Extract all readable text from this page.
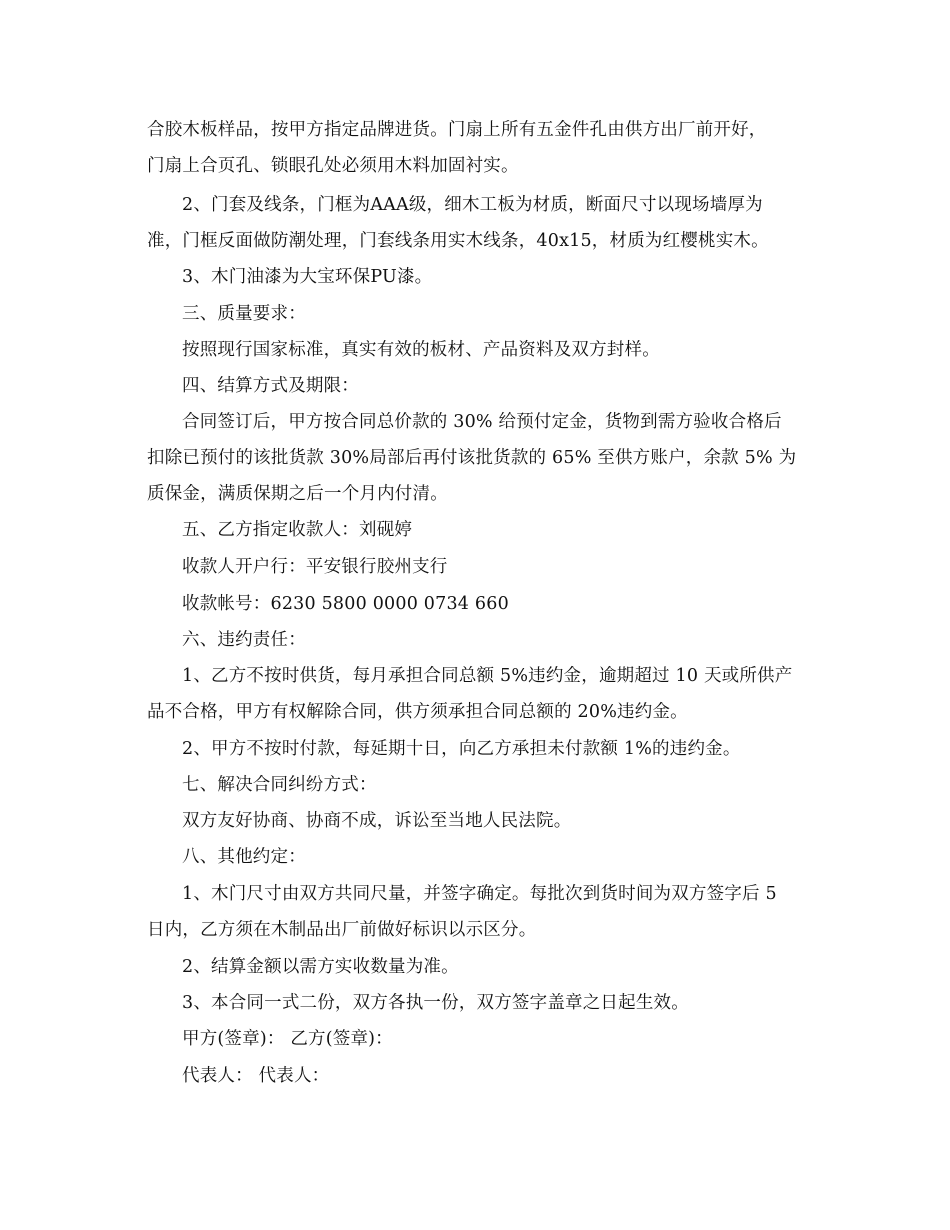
合胶木板样品，按甲方指定品牌进货。门扇上所有五金件孔由供方出厂前开好，
门扇上合页孔、锁眼孔处必须用木料加固衬实。
2、门套及线条，门框为AAA级，细木工板为材质，断面尺寸以现场墙厚为
准，门框反面做防潮处理，门套线条用实木线条，40x15，材质为红樱桃实木。
3、木门油漆为大宝环保PU漆。
三、质量要求：
按照现行国家标准，真实有效的板材、产品资料及双方封样。
四、结算方式及期限：
合同签订后，甲方按合同总价款的 30% 给预付定金，货物到需方验收合格后
扣除已预付的该批货款 30%局部后再付该批货款的 65% 至供方账户，余款 5% 为
质保金，满质保期之后一个月内付清。
五、乙方指定收款人：刘砚婷
收款人开户行：平安银行胶州支行
收款帐号：6230 5800 0000 0734 660
六、违约责任：
1、乙方不按时供货，每月承担合同总额 5%违约金，逾期超过 10 天或所供产
品不合格，甲方有权解除合同，供方须承担合同总额的 20%违约金。
2、甲方不按时付款，每延期十日，向乙方承担未付款额 1%的违约金。
七、解决合同纠纷方式：
双方友好协商、协商不成，诉讼至当地人民法院。
八、其他约定：
1、木门尺寸由双方共同尺量，并签字确定。每批次到货时间为双方签字后 5
日内，乙方须在木制品出厂前做好标识以示区分。
2、结算金额以需方实收数量为准。
3、本合同一式二份，双方各执一份，双方签字盖章之日起生效。
甲方(签章)： 乙方(签章)：
代表人： 代表人：
